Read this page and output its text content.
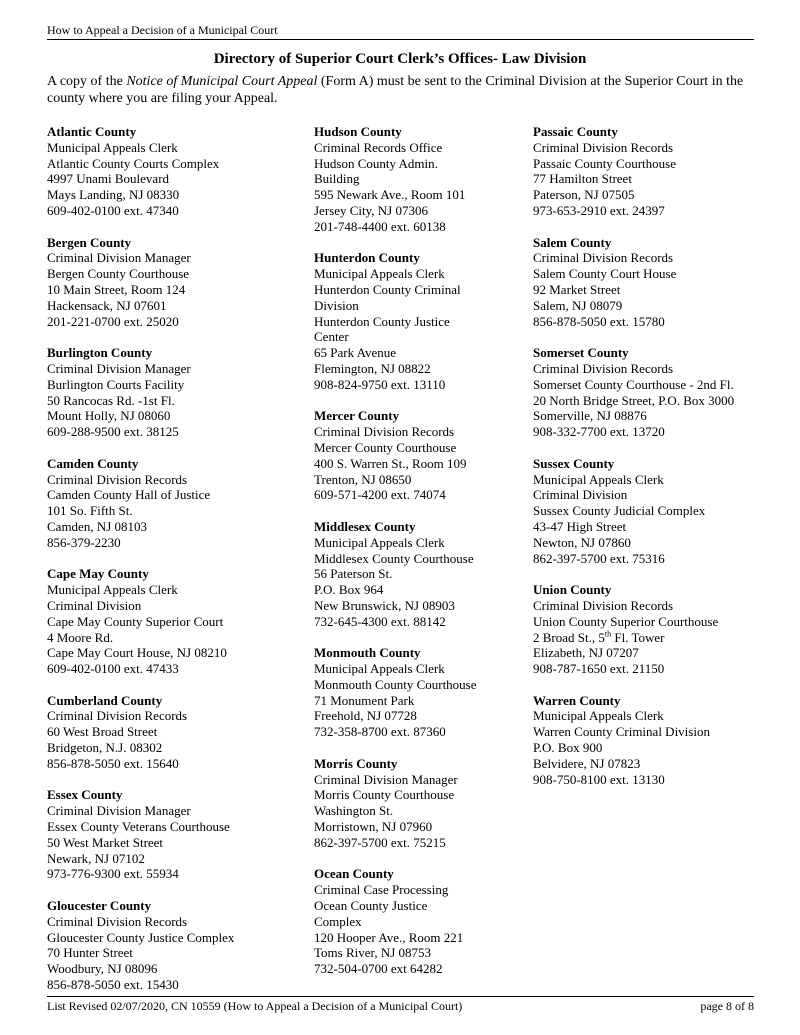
How to Appeal a Decision of a Municipal Court
Directory of Superior Court Clerk’s Offices- Law Division
A copy of the Notice of Municipal Court Appeal (Form A) must be sent to the Criminal Division at the Superior Court in the county where you are filing your Appeal.
Atlantic County
Municipal Appeals Clerk
Atlantic County Courts Complex
4997 Unami Boulevard
Mays Landing, NJ 08330
609-402-0100 ext. 47340
Bergen County
Criminal Division Manager
Bergen County Courthouse
10 Main Street, Room 124
Hackensack, NJ 07601
201-221-0700 ext. 25020
Burlington County
Criminal Division Manager
Burlington Courts Facility
50 Rancocas Rd. -1st Fl.
Mount Holly, NJ 08060
609-288-9500 ext. 38125
Camden County
Criminal Division Records
Camden County Hall of Justice
101 So. Fifth St.
Camden, NJ 08103
856-379-2230
Cape May County
Municipal Appeals Clerk
Criminal Division
Cape May County Superior Court
4 Moore Rd.
Cape May Court House, NJ 08210
609-402-0100 ext. 47433
Cumberland County
Criminal Division Records
60 West Broad Street
Bridgeton, N.J. 08302
856-878-5050 ext. 15640
Essex County
Criminal Division Manager
Essex County Veterans Courthouse
50 West Market Street
Newark, NJ 07102
973-776-9300 ext. 55934
Gloucester County
Criminal Division Records
Gloucester County Justice Complex
70 Hunter Street
Woodbury, NJ 08096
856-878-5050 ext. 15430
Hudson County
Criminal Records Office
Hudson County Admin.
Building
595 Newark Ave., Room 101
Jersey City, NJ 07306
201-748-4400 ext. 60138
Hunterdon County
Municipal Appeals Clerk
Hunterdon County Criminal
Division
Hunterdon County Justice
Center
65 Park Avenue
Flemington, NJ 08822
908-824-9750 ext. 13110
Mercer County
Criminal Division Records
Mercer County Courthouse
400 S. Warren St., Room 109
Trenton, NJ 08650
609-571-4200 ext. 74074
Middlesex County
Municipal Appeals Clerk
Middlesex County Courthouse
56 Paterson St.
P.O. Box 964
New Brunswick, NJ 08903
732-645-4300 ext. 88142
Monmouth County
Municipal Appeals Clerk
Monmouth County Courthouse
71 Monument Park
Freehold, NJ 07728
732-358-8700 ext. 87360
Morris County
Criminal Division Manager
Morris County Courthouse
Washington St.
Morristown, NJ 07960
862-397-5700 ext. 75215
Ocean County
Criminal Case Processing
Ocean County Justice
Complex
120 Hooper Ave., Room 221
Toms River, NJ 08753
732-504-0700 ext 64282
Passaic County
Criminal Division Records
Passaic County Courthouse
77 Hamilton Street
Paterson, NJ 07505
973-653-2910 ext. 24397
Salem County
Criminal Division Records
Salem County Court House
92 Market Street
Salem, NJ 08079
856-878-5050 ext. 15780
Somerset County
Criminal Division Records
Somerset County Courthouse - 2nd Fl.
20 North Bridge Street, P.O. Box 3000
Somerville, NJ 08876
908-332-7700 ext. 13720
Sussex County
Municipal Appeals Clerk
Criminal Division
Sussex County Judicial Complex
43-47 High Street
Newton, NJ 07860
862-397-5700 ext. 75316
Union County
Criminal Division Records
Union County Superior Courthouse
2 Broad St., 5th Fl. Tower
Elizabeth, NJ 07207
908-787-1650 ext. 21150
Warren County
Municipal Appeals Clerk
Warren County Criminal Division
P.O. Box 900
Belvidere, NJ 07823
908-750-8100 ext. 13130
List Revised 02/07/2020, CN 10559 (How to Appeal a Decision of a Municipal Court)	page 8 of 8
